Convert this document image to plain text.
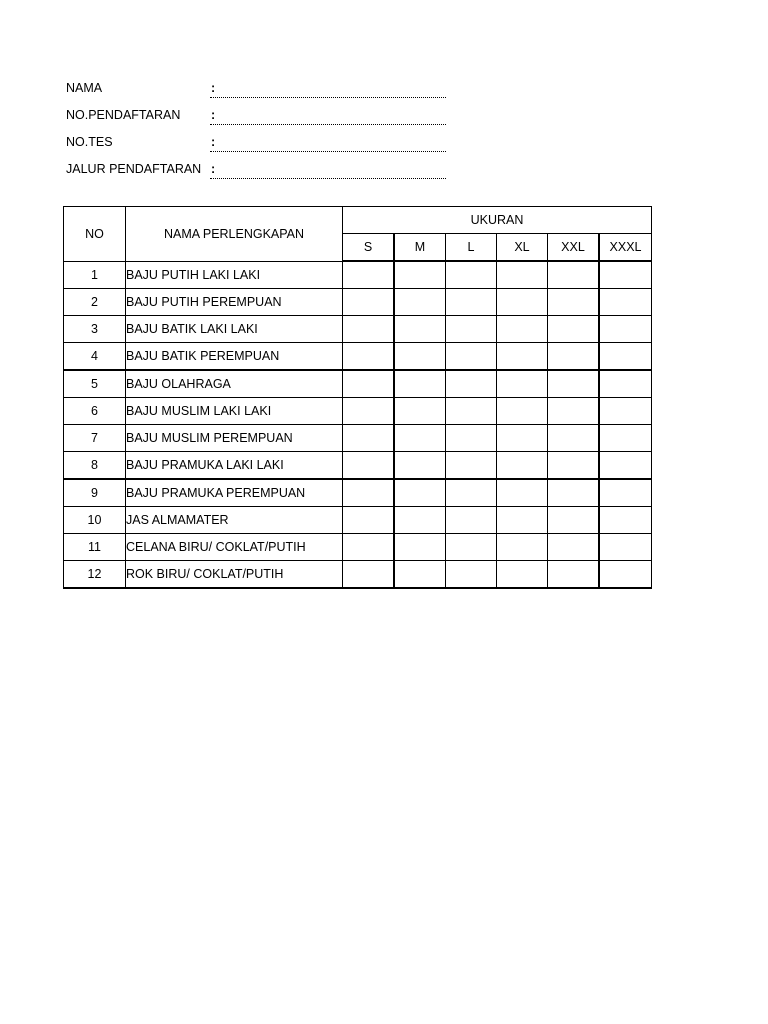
NAMA	:
NO.PENDAFTARAN :
NO.TES	:
JALUR PENDAFTARAN :
NO	NAMA PERLENGKAPAN	UKURAN					
		S	M	L	XL	XXL	XXXL
1	BAJU PUTIH LAKI LAKI						
2	BAJU PUTIH PEREMPUAN						
3	BAJU BATIK LAKI LAKI						
4	BAJU BATIK PEREMPUAN						
5	BAJU OLAHRAGA						
6	BAJU MUSLIM LAKI LAKI						
7	BAJU MUSLIM PEREMPUAN						
8	BAJU PRAMUKA LAKI LAKI						
9	BAJU PRAMUKA PEREMPUAN						
10	JAS ALMAMATER						
11	CELANA BIRU/ COKLAT/PUTIH						
12	ROK BIRU/ COKLAT/PUTIH						
